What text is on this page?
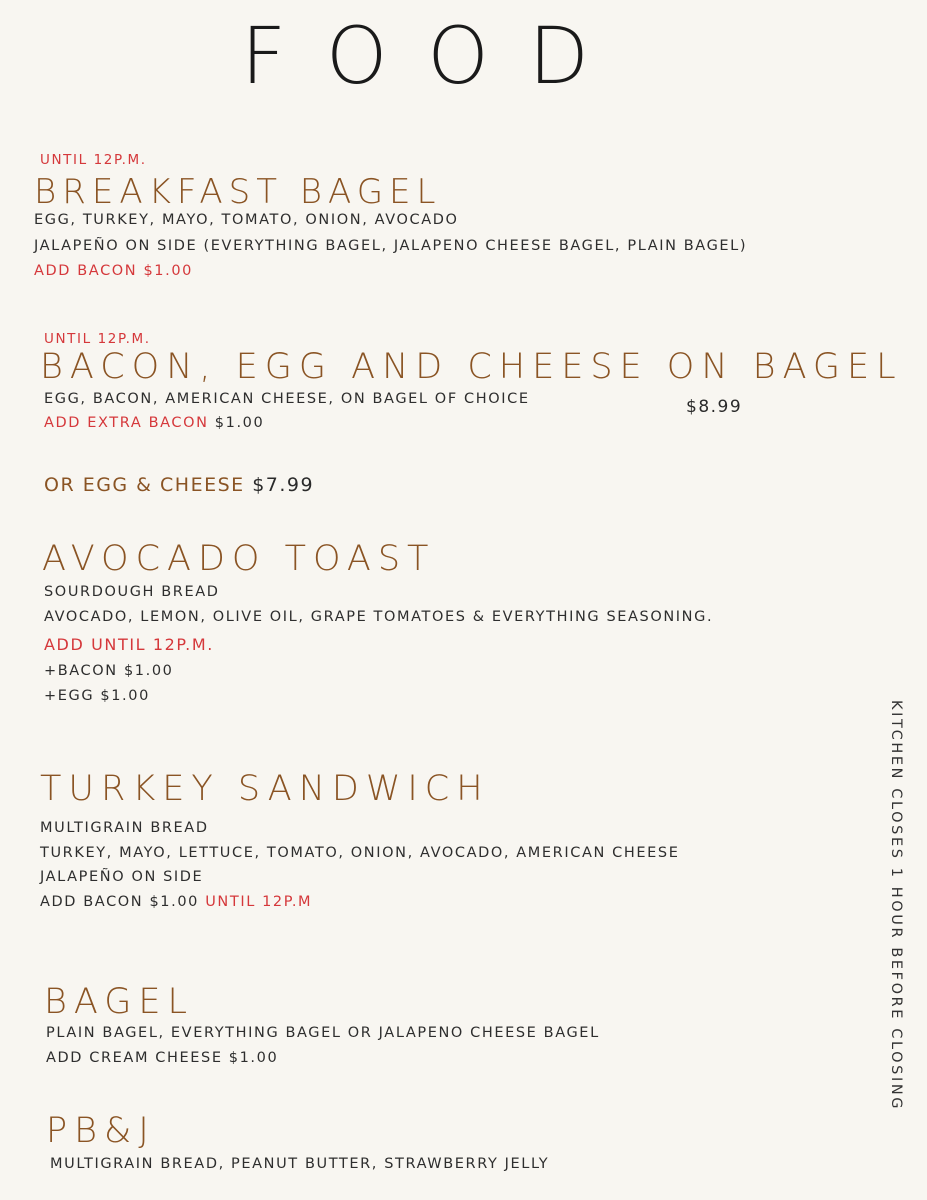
FOOD
UNTIL 12P.M.
BREAKFAST BAGEL
EGG, TURKEY, MAYO, TOMATO, ONION, AVOCADO
JALAPEÑO ON SIDE (EVERYTHING BAGEL, JALAPENO CHEESE BAGEL, PLAIN BAGEL)
ADD BACON $1.00
UNTIL 12P.M.
BACON, EGG AND CHEESE ON BAGEL
EGG, BACON, AMERICAN CHEESE, ON BAGEL OF CHOICE	$8.99
ADD EXTRA BACON $1.00
OR EGG & CHEESE $7.99
AVOCADO TOAST
SOURDOUGH BREAD
AVOCADO, LEMON, OLIVE OIL, GRAPE TOMATOES & EVERYTHING SEASONING.
ADD UNTIL 12P.M.
+BACON $1.00
+EGG $1.00
TURKEY SANDWICH
MULTIGRAIN BREAD
TURKEY, MAYO, LETTUCE, TOMATO, ONION, AVOCADO, AMERICAN CHEESE
JALAPEÑO ON SIDE
ADD BACON $1.00 UNTIL 12P.M
BAGEL
PLAIN BAGEL, EVERYTHING BAGEL OR JALAPENO CHEESE BAGEL
ADD CREAM CHEESE $1.00
PB&J
MULTIGRAIN BREAD, PEANUT BUTTER, STRAWBERRY JELLY
KITCHEN CLOSES 1 HOUR BEFORE CLOSING
